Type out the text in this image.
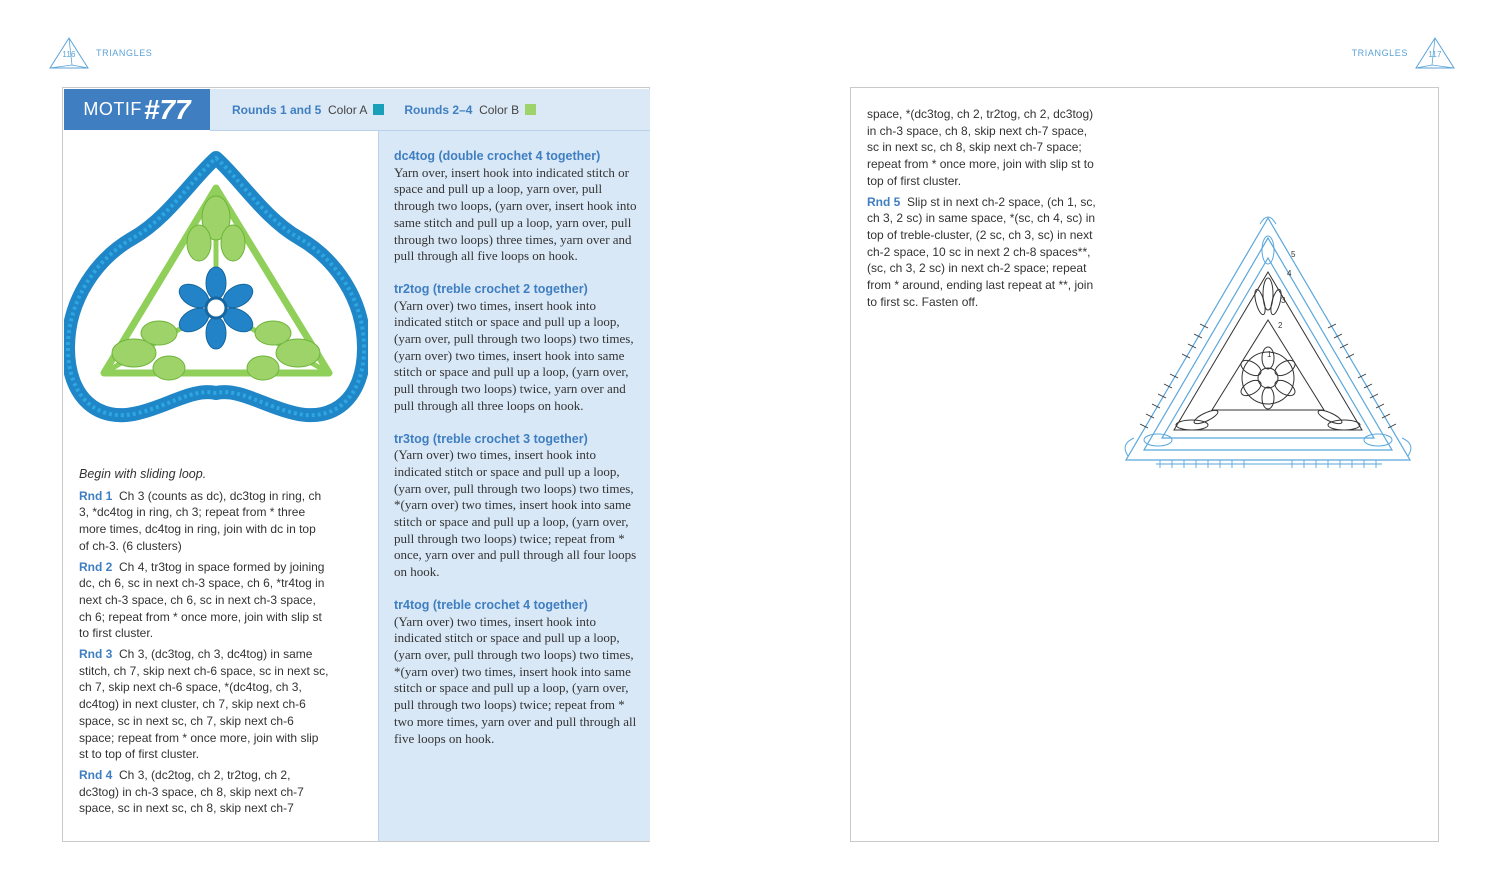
116	TRIANGLES	TRIANGLES	117
MOTIF #77	Rounds 1 and 5
Color A	Rounds 2–4
Color B

Begin with sliding loop.

Rnd 1 Ch 3 (counts as dc), dc3tog in ring, ch 3, *dc4tog in ring, ch 3; repeat from * three more times, dc4tog in ring, join with dc in top of ch-3. (6 clusters)

Rnd 2 Ch 4, tr3tog in space formed by joining dc, ch 6, sc in next ch-3 space, ch 6, *tr4tog in next ch-3 space, ch 6, sc in next ch-3 space, ch 6; repeat from * once more, join with slip st to first cluster.

Rnd 3 Ch 3, (dc3tog, ch 3, dc4tog) in same stitch, ch 7, skip next ch-6 space, sc in next sc, ch 7, skip next ch-6 space, *(dc4tog, ch 3, dc4tog) in next cluster, ch 7, skip next ch-6 space, sc in next sc, ch 7, skip next ch-6 space; repeat from * once more, join with slip st to top of first cluster.

Rnd 4 Ch 3, (dc2tog, ch 2, tr2tog, ch 2, dc3tog) in ch-3 space, ch 8, skip next ch-7 space, sc in next sc, ch 8, skip next ch-7

dc4tog (double crochet 4 together)
Yarn over, insert hook into indicated stitch or space and pull up a loop, yarn over, pull through two loops, (yarn over, insert hook into same stitch and pull up a loop, yarn over, pull through two loops) three times, yarn over and pull through all five loops on hook.
tr2tog (treble crochet 2 together)
(Yarn over) two times, insert hook into indicated stitch or space and pull up a loop, (yarn over, pull through two loops) two times, (yarn over) two times, insert hook into same stitch or space and pull up a loop, (yarn over, pull through two loops) twice, yarn over and pull through all three loops on hook.
tr3tog (treble crochet 3 together)
(Yarn over) two times, insert hook into indicated stitch or space and pull up a loop, (yarn over, pull through two loops) two times, *(yarn over) two times, insert hook into same stitch or space and pull up a loop, (yarn over, pull through two loops) twice; repeat from * once, yarn over and pull through all four loops on hook.
tr4tog (treble crochet 4 together)
(Yarn over) two times, insert hook into indicated stitch or space and pull up a loop, (yarn over, pull through two loops) two times, *(yarn over) two times, insert hook into same stitch or space and pull up a loop, (yarn over, pull through two loops) twice; repeat from * two more times, yarn over and pull through all five loops on hook.

space, *(dc3tog, ch 2, tr2tog, ch 2, dc3tog) in ch-3 space, ch 8, skip next ch-7 space, sc in next sc, ch 8, skip next ch-7 space; repeat from * once more, join with slip st to top of first cluster.

Rnd 5 Slip st in next ch-2 space, (ch 1, sc, ch 3, 2 sc) in same space, *(sc, ch 4, sc) in top of treble-cluster, (2 sc, ch 3, sc) in next ch-2 space, 10 sc in next 2 ch-8 spaces**, (sc, ch 3, 2 sc) in next ch-2 space; repeat from * around, ending last repeat at **, join to first sc. Fasten off.

1
2
3
4
5
